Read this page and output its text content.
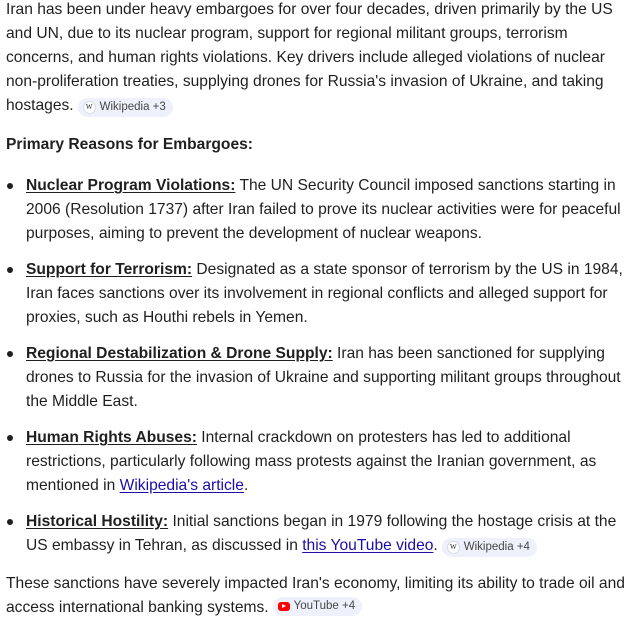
Iran has been under heavy embargoes for over four decades, driven primarily by the US and UN, due to its nuclear program, support for regional militant groups, terrorism concerns, and human rights violations. Key drivers include alleged violations of nuclear non-proliferation treaties, supplying drones for Russia's invasion of Ukraine, and taking hostages.	W Wikipedia +3

Primary Reasons for Embargoes:

Nuclear Program Violations: The UN Security Council imposed sanctions starting in 2006 (Resolution 1737) after Iran failed to prove its nuclear activities were for peaceful purposes, aiming to prevent the development of nuclear weapons.

Support for Terrorism: Designated as a state sponsor of terrorism by the US in 1984, Iran faces sanctions over its involvement in regional conflicts and alleged support for proxies, such as Houthi rebels in Yemen.

Regional Destabilization & Drone Supply: Iran has been sanctioned for supplying drones to Russia for the invasion of Ukraine and supporting militant groups throughout the Middle East.

Human Rights Abuses: Internal crackdown on protesters has led to additional restrictions, particularly following mass protests against the Iranian government, as mentioned in Wikipedia's article.

Historical Hostility: Initial sanctions began in 1979 following the hostage crisis at the US embassy in Tehran, as discussed in this YouTube video.	W Wikipedia +4

These sanctions have severely impacted Iran's economy, limiting its ability to trade oil and access international banking systems. YouTube +4
